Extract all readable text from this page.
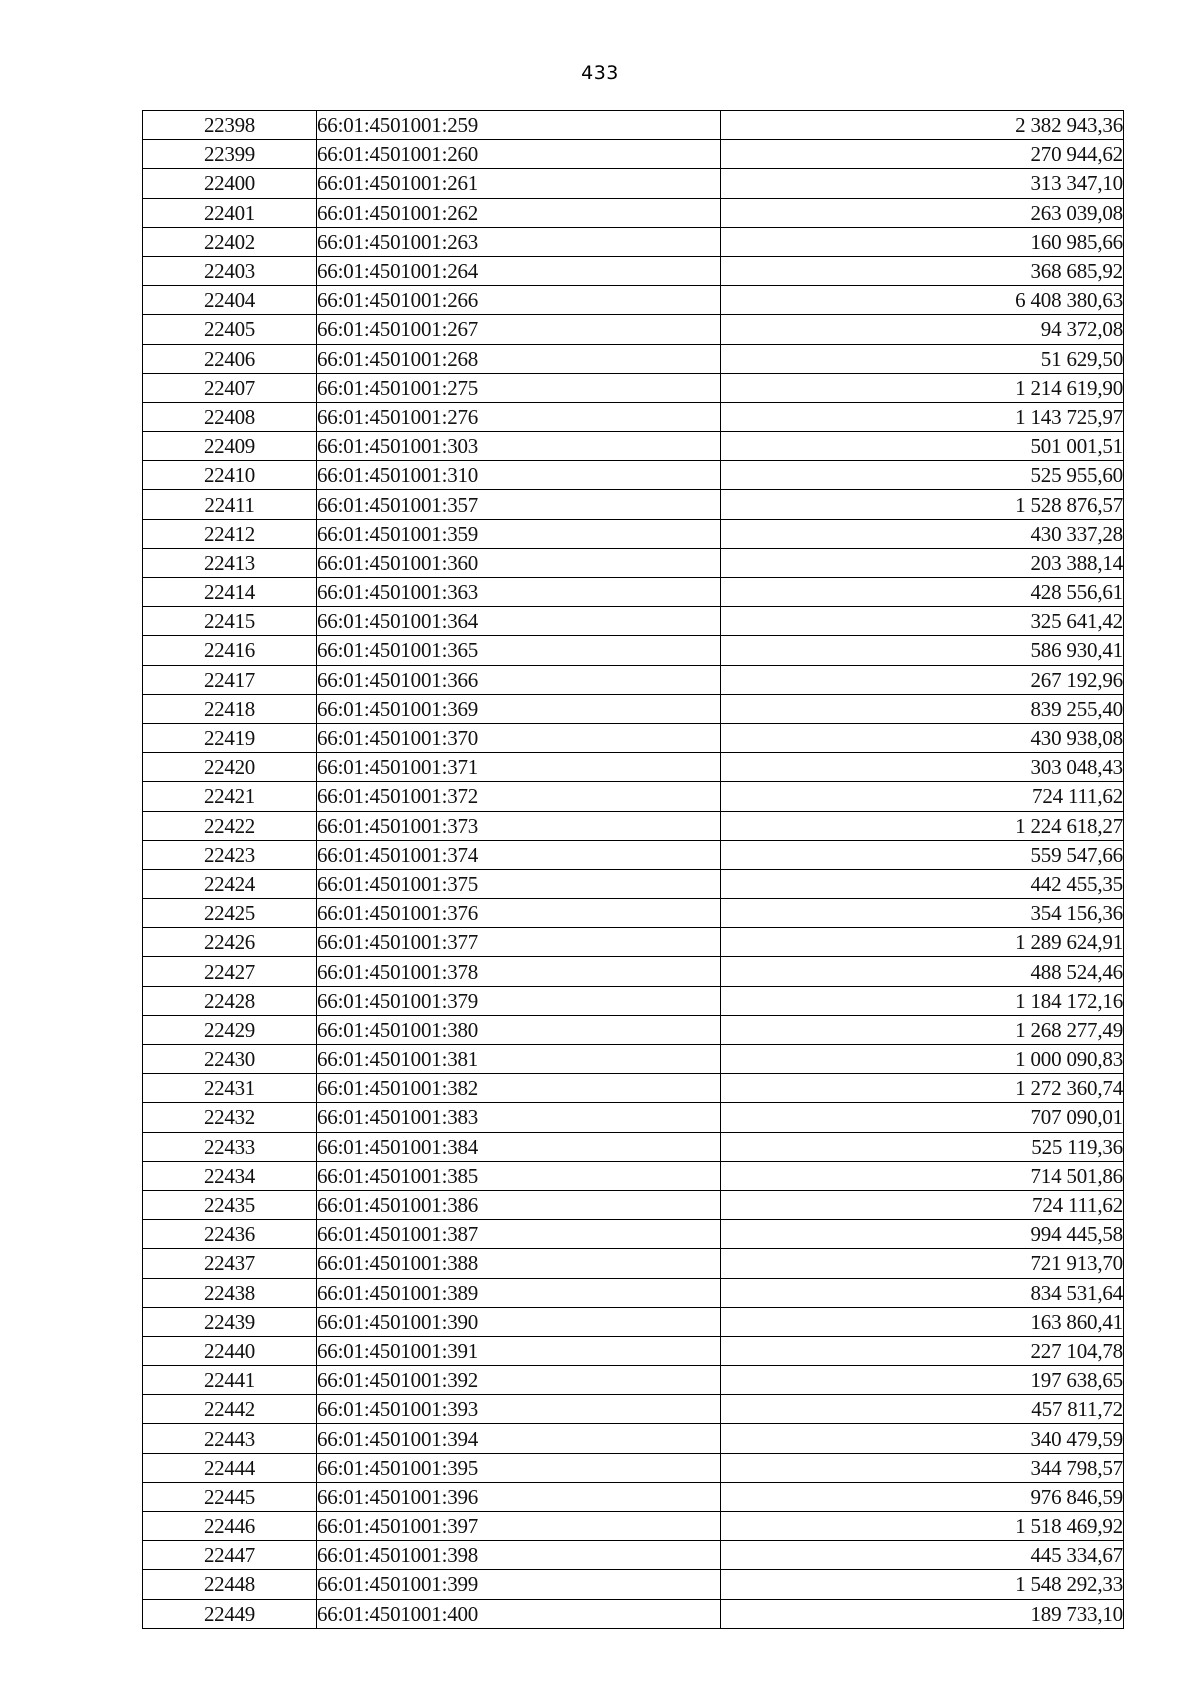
433
22398	66:01:4501001:259	2 382 943,36
22399	66:01:4501001:260	270 944,62
22400	66:01:4501001:261	313 347,10
22401	66:01:4501001:262	263 039,08
22402	66:01:4501001:263	160 985,66
22403	66:01:4501001:264	368 685,92
22404	66:01:4501001:266	6 408 380,63
22405	66:01:4501001:267	94 372,08
22406	66:01:4501001:268	51 629,50
22407	66:01:4501001:275	1 214 619,90
22408	66:01:4501001:276	1 143 725,97
22409	66:01:4501001:303	501 001,51
22410	66:01:4501001:310	525 955,60
22411	66:01:4501001:357	1 528 876,57
22412	66:01:4501001:359	430 337,28
22413	66:01:4501001:360	203 388,14
22414	66:01:4501001:363	428 556,61
22415	66:01:4501001:364	325 641,42
22416	66:01:4501001:365	586 930,41
22417	66:01:4501001:366	267 192,96
22418	66:01:4501001:369	839 255,40
22419	66:01:4501001:370	430 938,08
22420	66:01:4501001:371	303 048,43
22421	66:01:4501001:372	724 111,62
22422	66:01:4501001:373	1 224 618,27
22423	66:01:4501001:374	559 547,66
22424	66:01:4501001:375	442 455,35
22425	66:01:4501001:376	354 156,36
22426	66:01:4501001:377	1 289 624,91
22427	66:01:4501001:378	488 524,46
22428	66:01:4501001:379	1 184 172,16
22429	66:01:4501001:380	1 268 277,49
22430	66:01:4501001:381	1 000 090,83
22431	66:01:4501001:382	1 272 360,74
22432	66:01:4501001:383	707 090,01
22433	66:01:4501001:384	525 119,36
22434	66:01:4501001:385	714 501,86
22435	66:01:4501001:386	724 111,62
22436	66:01:4501001:387	994 445,58
22437	66:01:4501001:388	721 913,70
22438	66:01:4501001:389	834 531,64
22439	66:01:4501001:390	163 860,41
22440	66:01:4501001:391	227 104,78
22441	66:01:4501001:392	197 638,65
22442	66:01:4501001:393	457 811,72
22443	66:01:4501001:394	340 479,59
22444	66:01:4501001:395	344 798,57
22445	66:01:4501001:396	976 846,59
22446	66:01:4501001:397	1 518 469,92
22447	66:01:4501001:398	445 334,67
22448	66:01:4501001:399	1 548 292,33
22449	66:01:4501001:400	189 733,10
